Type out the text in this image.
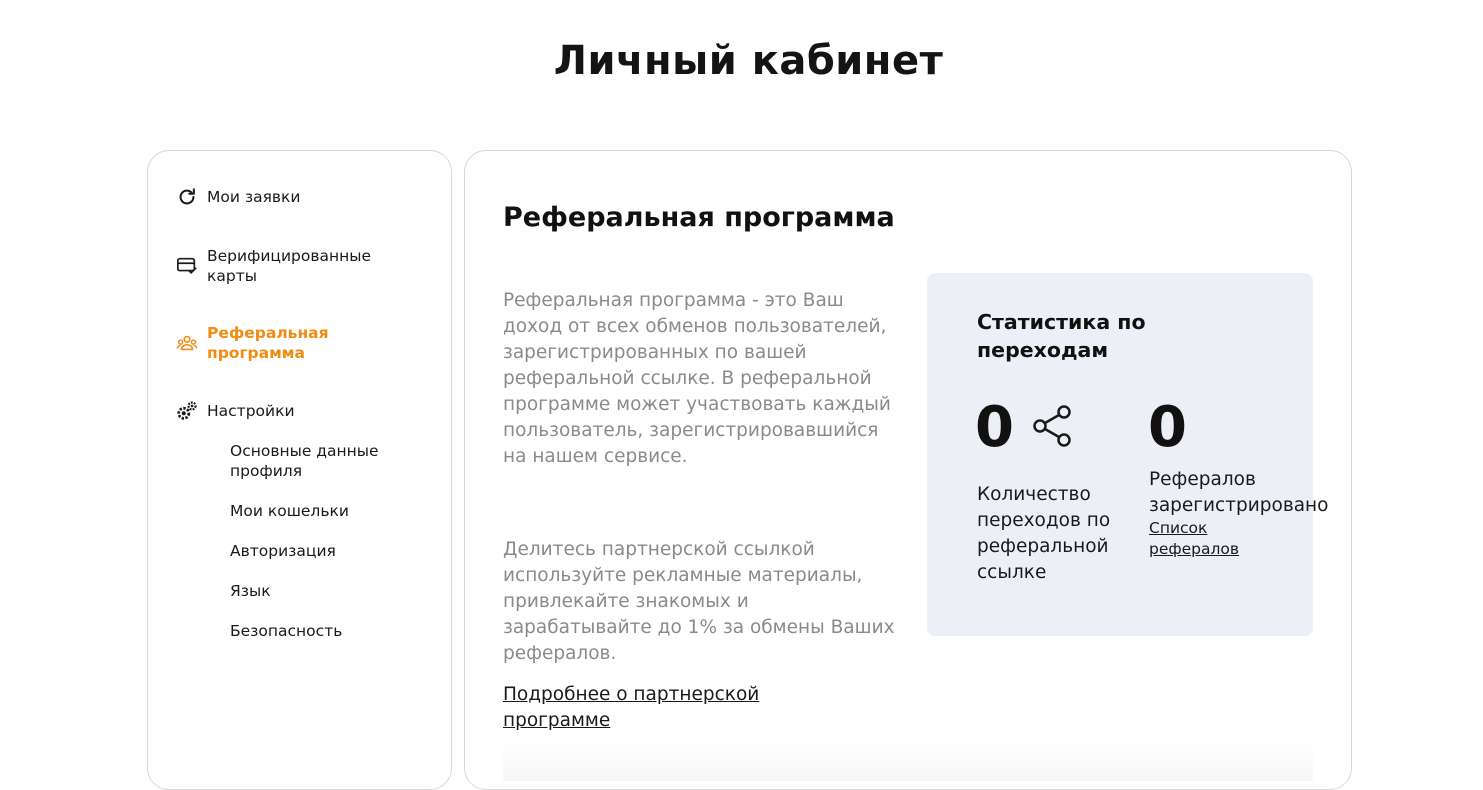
Личный кабинет
Мои заявки
Верифицированные карты
Реферальная программа
Настройки
Основные данные профиля
Мои кошельки
Авторизация
Язык
Безопасность
Реферальная программа

Реферальная программа - это Ваш доход от всех обменов пользователей, зарегистрированных по вашей реферальной ссылке. В реферальной программе может участвовать каждый пользователь, зарегистрировавшийся на нашем сервисе.

Делитесь партнерской ссылкой используйте рекламные материалы, привлекайте знакомых и зарабатывайте до 1% за обмены Ваших рефералов.

Подробнее о партнерской программе
Статистика по переходам
0
Количество переходов по реферальной ссылке
0
Рефералов зарегистрировано
Список рефералов
